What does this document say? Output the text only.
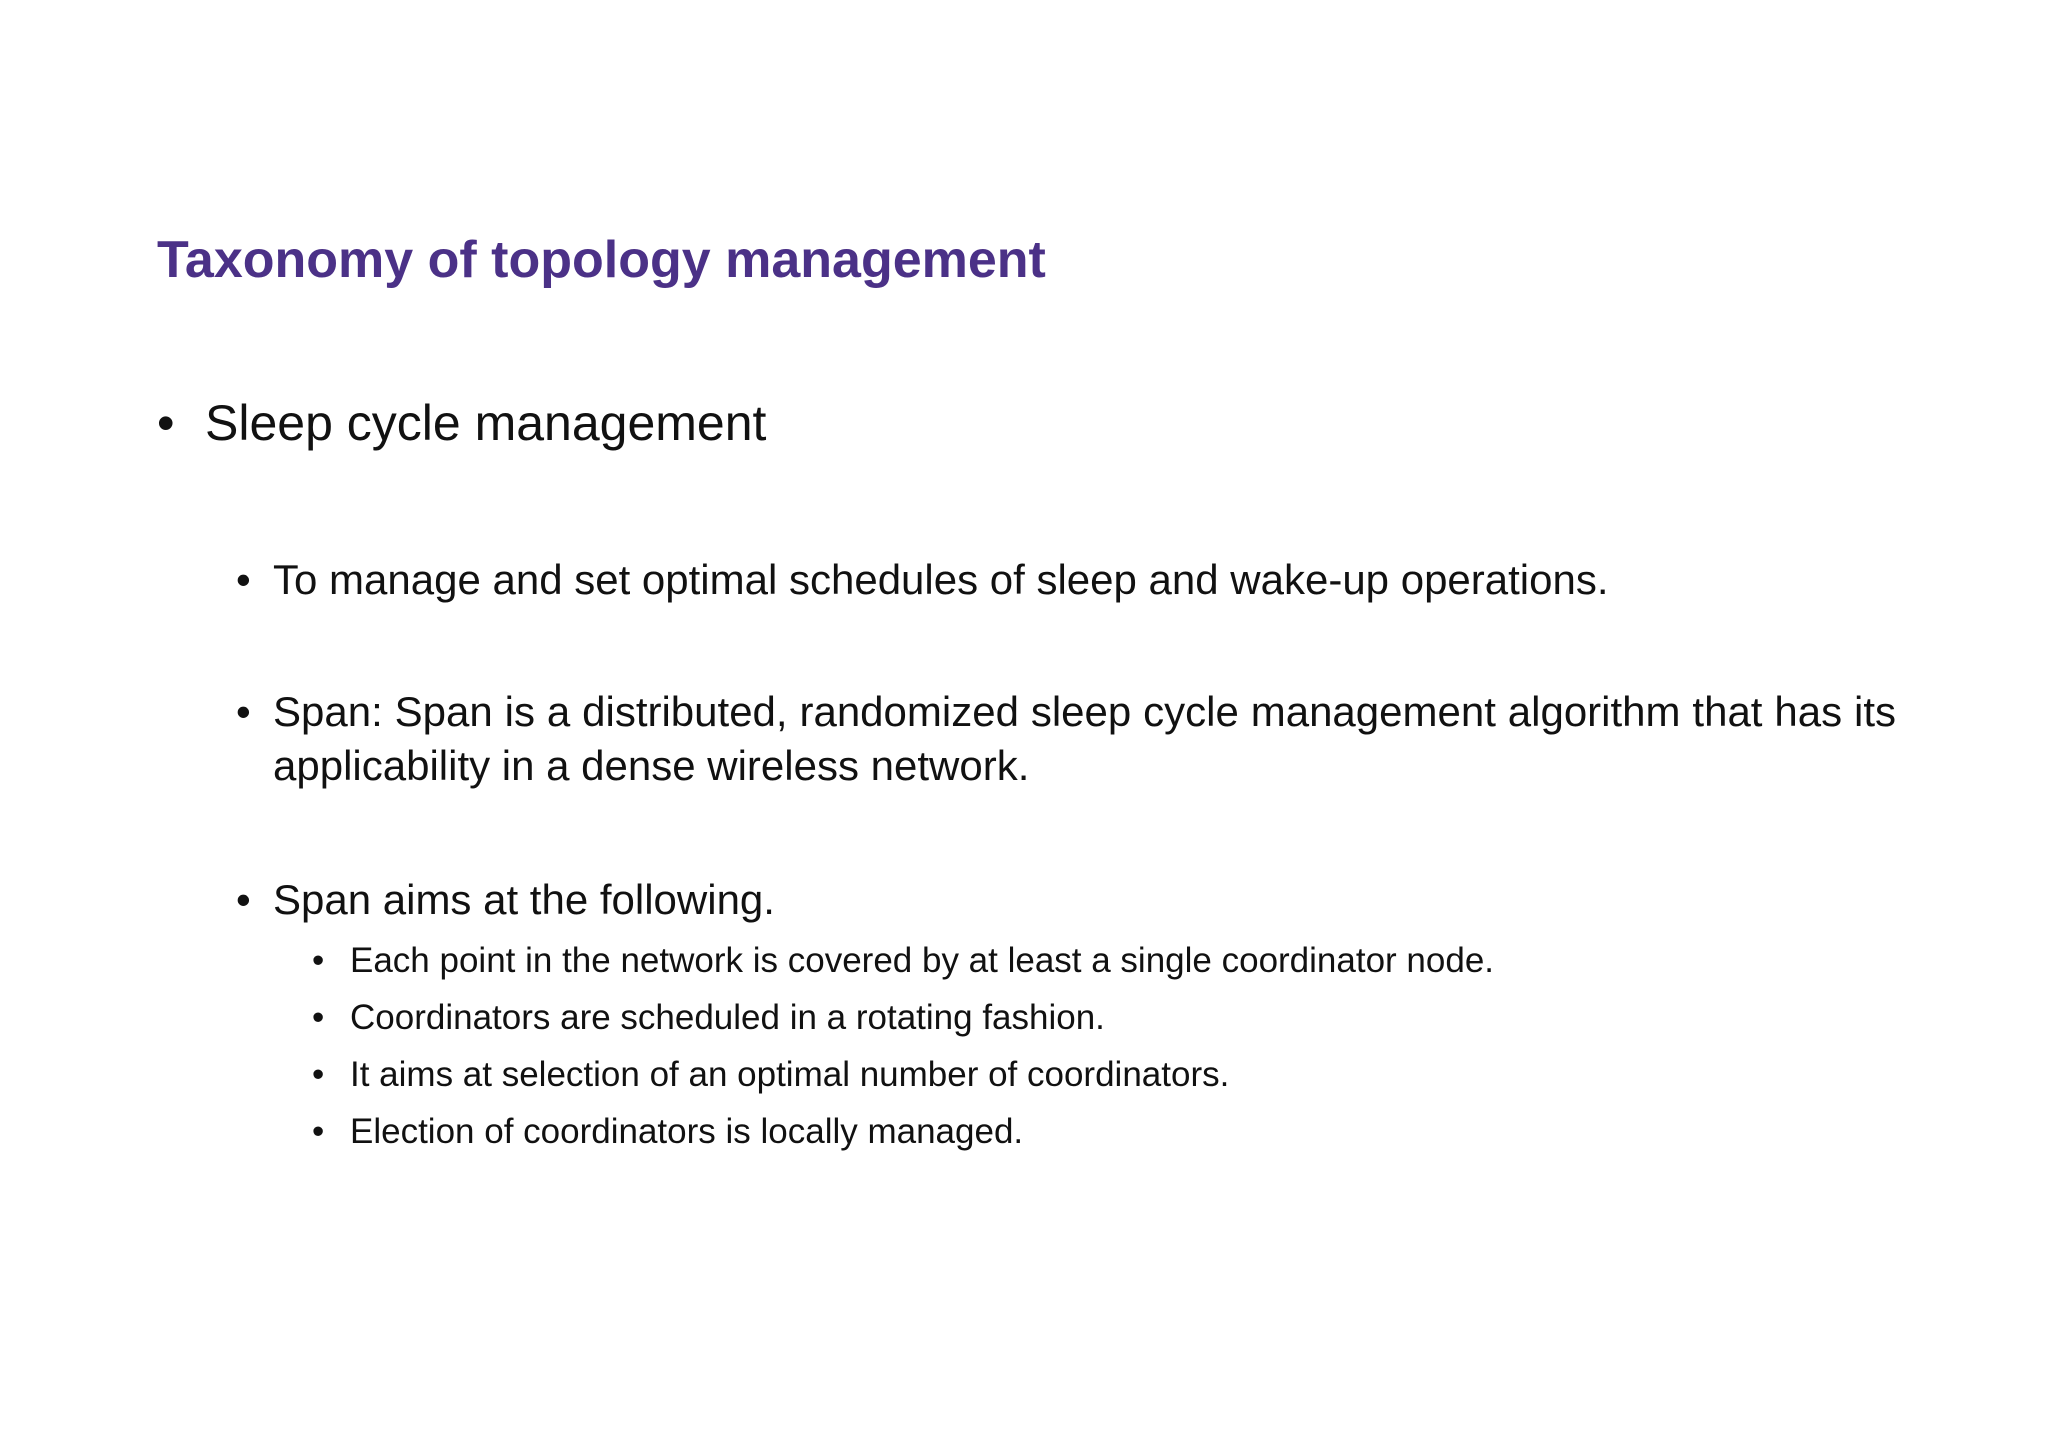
Taxonomy of topology management
• Sleep cycle management
• To manage and set optimal schedules of sleep and wake-up operations.
• Span: Span is a distributed, randomized sleep cycle management algorithm that has its applicability in a dense wireless network.
• Span aims at the following.
• Each point in the network is covered by at least a single coordinator node.
• Coordinators are scheduled in a rotating fashion.
• It aims at selection of an optimal number of coordinators.
• Election of coordinators is locally managed.
